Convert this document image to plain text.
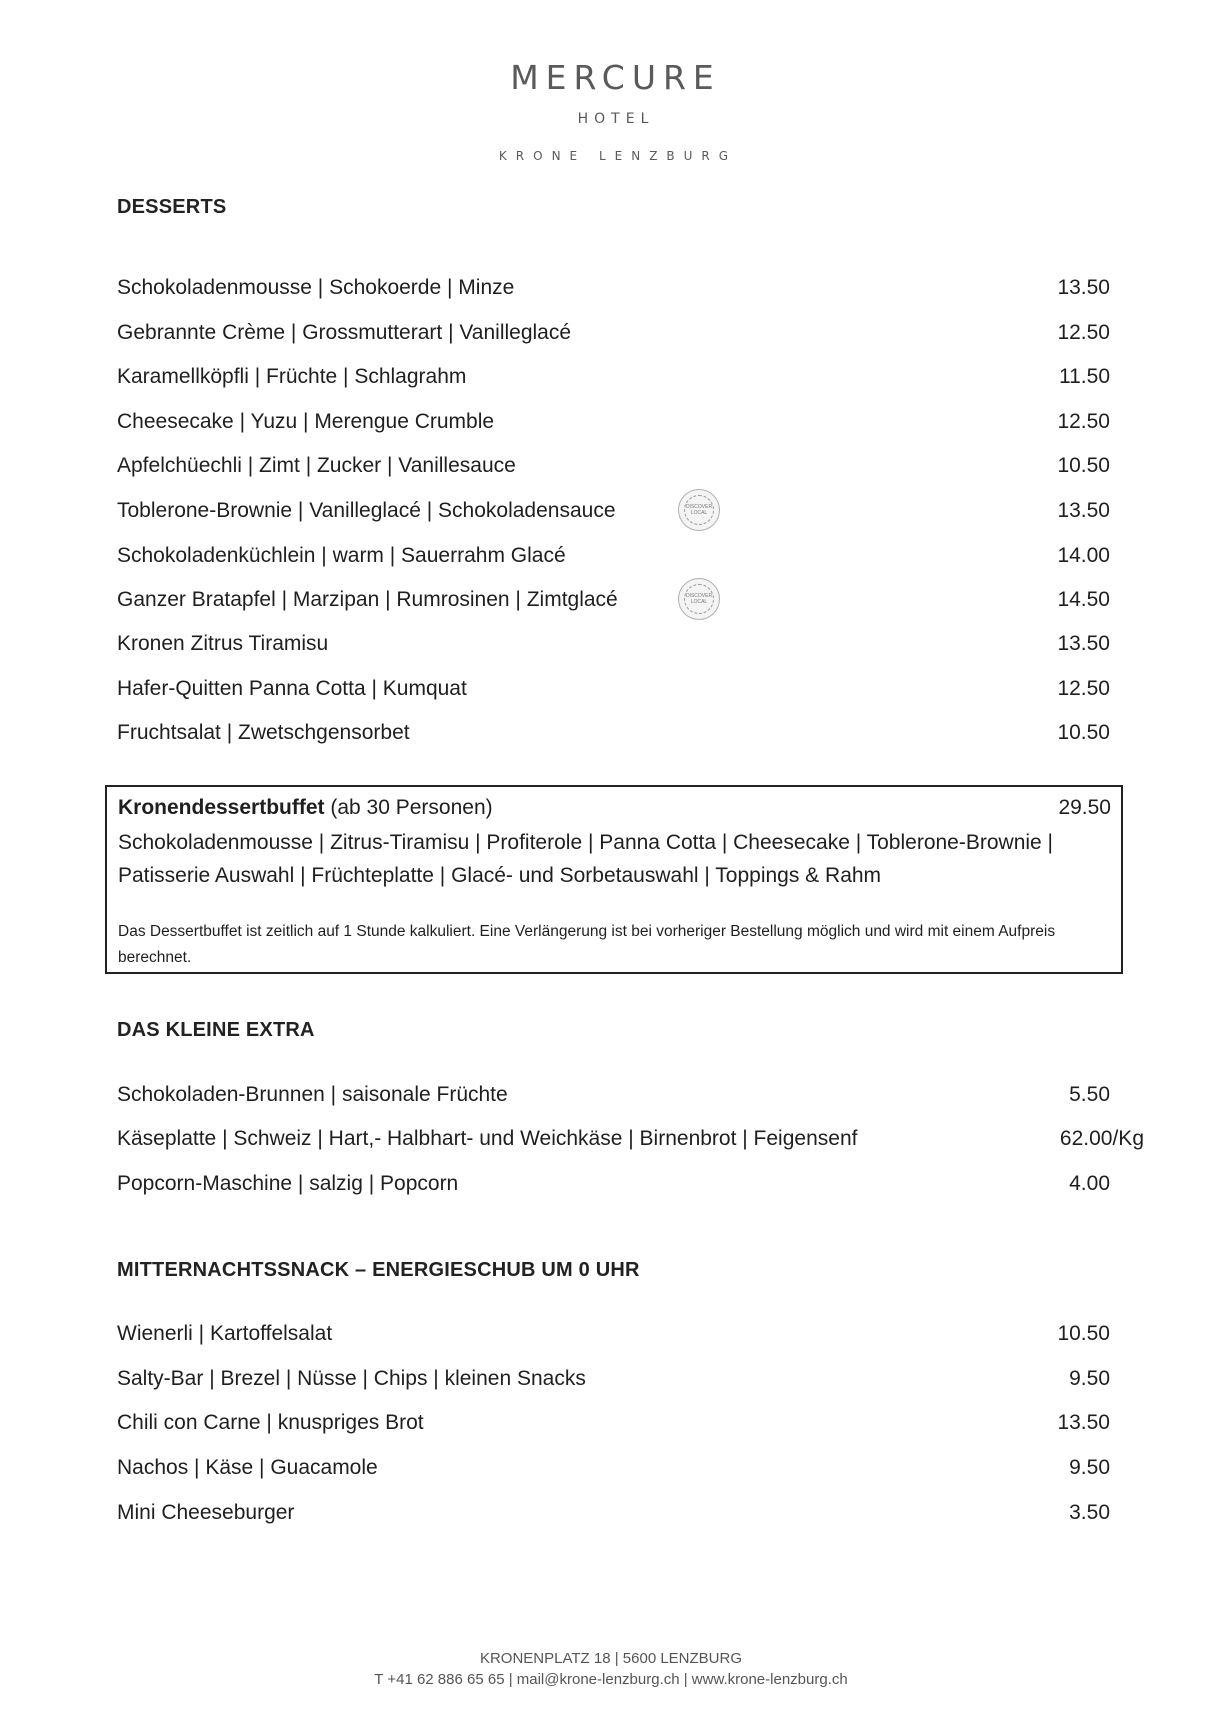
MERCURE
HOTEL
KRONE LENZBURG
DESSERTS
Schokoladenmousse | Schokoerde | Minze	13.50
Gebrannte Crème | Grossmutterart | Vanilleglacé	12.50
Karamellköpfli | Früchte | Schlagrahm	11.50
Cheesecake | Yuzu | Merengue Crumble	12.50
Apfelchüechli | Zimt | Zucker | Vanillesauce	10.50
Toblerone-Brownie | Vanilleglacé | Schokoladensauce	DISCOVER LOCAL	13.50
Schokoladenküchlein | warm | Sauerrahm Glacé	14.00
Ganzer Bratapfel | Marzipan | Rumrosinen | Zimtglacé	DISCOVER LOCAL	14.50
Kronen Zitrus Tiramisu	13.50
Hafer-Quitten Panna Cotta | Kumquat	12.50
Fruchtsalat | Zwetschgensorbet	10.50
Kronendessertbuffet (ab 30 Personen)	29.50
Schokoladenmousse | Zitrus-Tiramisu | Profiterole | Panna Cotta | Cheesecake | Toblerone-Brownie | Patisserie Auswahl | Früchteplatte | Glacé- und Sorbetauswahl | Toppings & Rahm
Das Dessertbuffet ist zeitlich auf 1 Stunde kalkuliert. Eine Verlängerung ist bei vorheriger Bestellung möglich und wird mit einem Aufpreis berechnet.
DAS KLEINE EXTRA
Schokoladen-Brunnen | saisonale Früchte	5.50
Käseplatte | Schweiz | Hart,- Halbhart- und Weichkäse | Birnenbrot | Feigensenf	62.00/Kg
Popcorn-Maschine | salzig | Popcorn	4.00
MITTERNACHTSSNACK – ENERGIESCHUB UM 0 UHR
Wienerli | Kartoffelsalat	10.50
Salty-Bar | Brezel | Nüsse | Chips | kleinen Snacks	9.50
Chili con Carne | knuspriges Brot	13.50
Nachos | Käse | Guacamole	9.50
Mini Cheeseburger	3.50
KRONENPLATZ 18 | 5600 LENZBURG
T +41 62 886 65 65 | mail@krone-lenzburg.ch | www.krone-lenzburg.ch
